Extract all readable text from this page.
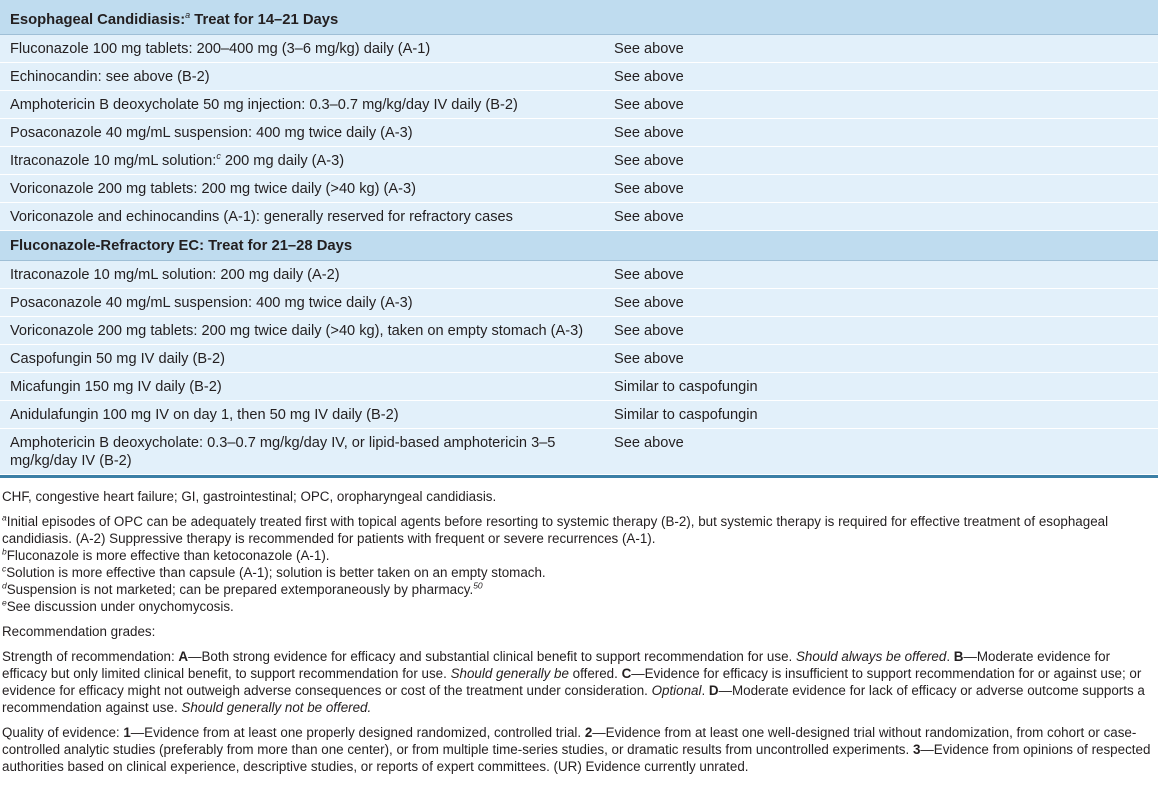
Esophageal Candidiasis:$^a$ Treat for 14–21 Days	
Fluconazole 100 mg tablets: 200–400 mg (3–6 mg/kg) daily (A-1)	See above
Echinocandin: see above (B-2)	See above
Amphotericin B deoxycholate 50 mg injection: 0.3–0.7 mg/kg/day IV daily (B-2)	See above
Posaconazole 40 mg/mL suspension: 400 mg twice daily (A-3)	See above
Itraconazole 10 mg/mL solution:$^c$ 200 mg daily (A-3)	See above
Voriconazole 200 mg tablets: 200 mg twice daily (>40 kg) (A-3)	See above
Voriconazole and echinocandins (A-1): generally reserved for refractory cases	See above
Fluconazole-Refractory EC: Treat for 21–28 Days	
Itraconazole 10 mg/mL solution: 200 mg daily (A-2)	See above
Posaconazole 40 mg/mL suspension: 400 mg twice daily (A-3)	See above
Voriconazole 200 mg tablets: 200 mg twice daily (>40 kg), taken on empty stomach (A-3)	See above
Caspofungin 50 mg IV daily (B-2)	See above
Micafungin 150 mg IV daily (B-2)	Similar to caspofungin
Anidulafungin 100 mg IV on day 1, then 50 mg IV daily (B-2)	Similar to caspofungin
Amphotericin B deoxycholate: 0.3–0.7 mg/kg/day IV, or lipid-based amphotericin 3–5 mg/kg/day IV (B-2)	See above

CHF, congestive heart failure; GI, gastrointestinal; OPC, oropharyngeal candidiasis.

$^a$Initial episodes of OPC can be adequately treated first with topical agents before resorting to systemic therapy (B-2), but systemic therapy is required for effective treatment of esophageal candidiasis. (A-2) Suppressive therapy is recommended for patients with frequent or severe recurrences (A-1).

$^b$Fluconazole is more effective than ketoconazole (A-1).

$^c$Solution is more effective than capsule (A-1); solution is better taken on an empty stomach.

$^d$Suspension is not marketed; can be prepared extemporaneously by pharmacy.$^{50}$

$^e$See discussion under onychomycosis.

Recommendation grades:

Strength of recommendation: A—Both strong evidence for efficacy and substantial clinical benefit to support recommendation for use. Should always be offered. B—Moderate evidence for efficacy but only limited clinical benefit, to support recommendation for use. Should generally be offered. C—Evidence for efficacy is insufficient to support recommendation for or against use; or evidence for efficacy might not outweigh adverse consequences or cost of the treatment under consideration. Optional. D—Moderate evidence for lack of efficacy or adverse outcome supports a recommendation against use. Should generally not be offered.

Quality of evidence: 1—Evidence from at least one properly designed randomized, controlled trial. 2—Evidence from at least one well-designed trial without randomization, from cohort or case-controlled analytic studies (preferably from more than one center), or from multiple time-series studies, or dramatic results from uncontrolled experiments. 3—Evidence from opinions of respected authorities based on clinical experience, descriptive studies, or reports of expert committees. (UR) Evidence currently unrated.
